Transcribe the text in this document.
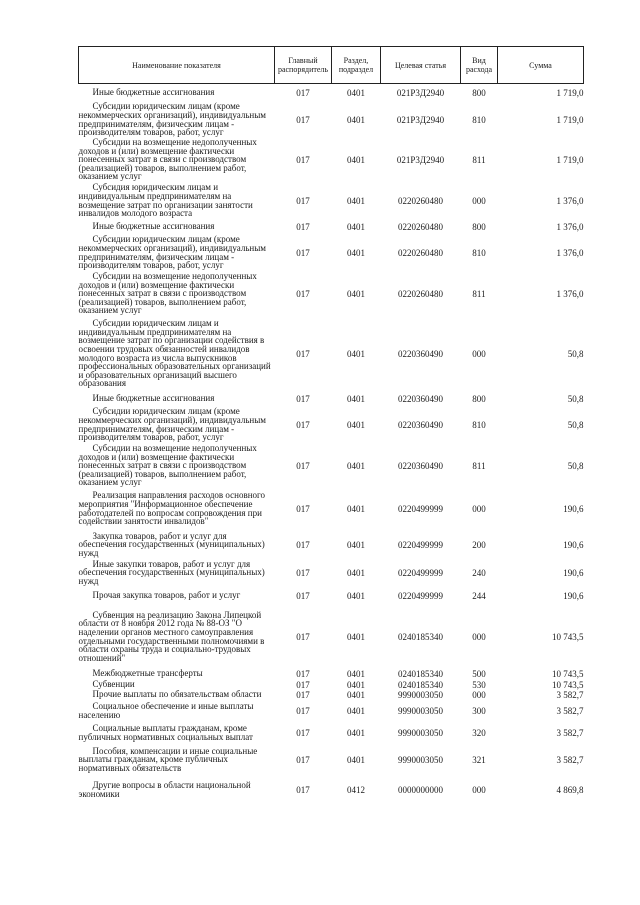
Наименование показателя	Главный распорядитель	Раздел, подраздел	Целевая статья	Вид расхода	Сумма

Иные бюджетные ассигнования	017	0401	021Р3Д2940	800	1 719,0

Субсидии юридическим лицам (кроме некоммерческих организаций), индивидуальным предпринимателям, физическим лицам - производителям товаров, работ, услуг	017	0401	021Р3Д2940	810	1 719,0

Субсидии на возмещение недополученных доходов и (или) возмещение фактически понесенных затрат в связи с производством (реализацией) товаров, выполнением работ, оказанием услуг	017	0401	021Р3Д2940	811	1 719,0

Субсидия юридическим лицам и индивидуальным предпринимателям на возмещение затрат по организации занятости инвалидов молодого возраста	017	0401	0220260480	000	1 376,0

Иные бюджетные ассигнования	017	0401	0220260480	800	1 376,0

Субсидии юридическим лицам (кроме некоммерческих организаций), индивидуальным предпринимателям, физическим лицам - производителям товаров, работ, услуг	017	0401	0220260480	810	1 376,0

Субсидии на возмещение недополученных доходов и (или) возмещение фактически понесенных затрат в связи с производством (реализацией) товаров, выполнением работ, оказанием услуг	017	0401	0220260480	811	1 376,0

Субсидии юридическим лицам и индивидуальным предпринимателям на возмещение затрат по организации содействия в освоении трудовых обязанностей инвалидов молодого возраста из числа выпускников профессиональных образовательных организаций и образовательных организаций высшего образования	017	0401	0220360490	000	50,8

Иные бюджетные ассигнования	017	0401	0220360490	800	50,8

Субсидии юридическим лицам (кроме некоммерческих организаций), индивидуальным предпринимателям, физическим лицам - производителям товаров, работ, услуг	017	0401	0220360490	810	50,8

Субсидии на возмещение недополученных доходов и (или) возмещение фактически понесенных затрат в связи с производством (реализацией) товаров, выполнением работ, оказанием услуг	017	0401	0220360490	811	50,8

Реализация направления расходов основного мероприятия "Информационное обеспечение работодателей по вопросам сопровождения при содействии занятости инвалидов"	017	0401	0220499999	000	190,6

Закупка товаров, работ и услуг для обеспечения государственных (муниципальных) нужд	017	0401	0220499999	200	190,6

Иные закупки товаров, работ и услуг для обеспечения государственных (муниципальных) нужд	017	0401	0220499999	240	190,6

Прочая закупка товаров, работ и услуг	017	0401	0220499999	244	190,6

Субвенция на реализацию Закона Липецкой области от 8 ноября 2012 года № 88-ОЗ "О наделении органов местного самоуправления отдельными государственными полномочиями в области охраны труда и социально-трудовых отношений"	017	0401	0240185340	000	10 743,5

Межбюджетные трансферты	017	0401	0240185340	500	10 743,5

Субвенции	017	0401	0240185340	530	10 743,5

Прочие выплаты по обязательствам области	017	0401	9990003050	000	3 582,7

Социальное обеспечение и иные выплаты населению	017	0401	9990003050	300	3 582,7

Социальные выплаты гражданам, кроме публичных нормативных социальных выплат	017	0401	9990003050	320	3 582,7

Пособия, компенсации и иные социальные выплаты гражданам, кроме публичных нормативных обязательств	017	0401	9990003050	321	3 582,7

Другие вопросы в области национальной экономики	017	0412	0000000000	000	4 869,8
